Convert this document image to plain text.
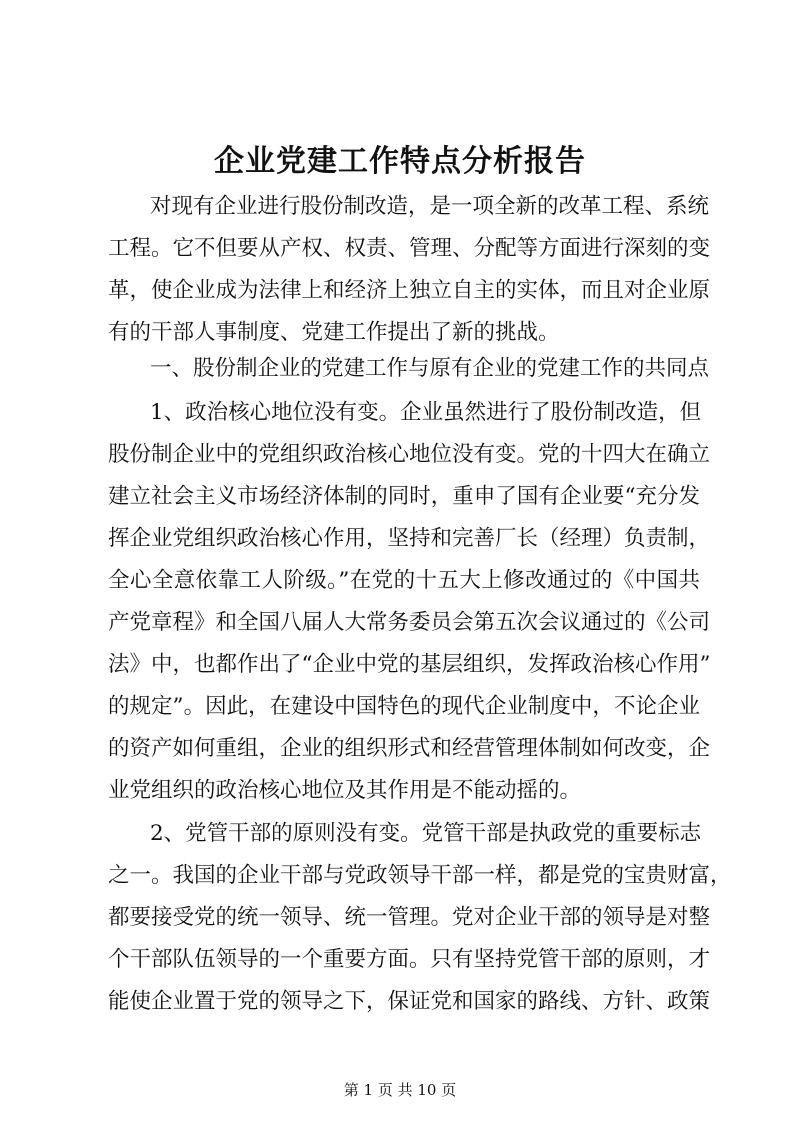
企业党建工作特点分析报告
对现有企业进行股份制改造，是一项全新的改革工程、系统
工程。它不但要从产权、权责、管理、分配等方面进行深刻的变
革，使企业成为法律上和经济上独立自主的实体，而且对企业原
有的干部人事制度、党建工作提出了新的挑战。
一、股份制企业的党建工作与原有企业的党建工作的共同点
1、政治核心地位没有变。企业虽然进行了股份制改造，但
股份制企业中的党组织政治核心地位没有变。党的十四大在确立
建立社会主义市场经济体制的同时，重申了国有企业要“充分发
挥企业党组织政治核心作用，坚持和完善厂长（经理）负责制，
全心全意依靠工人阶级。”在党的十五大上修改通过的《中国共
产党章程》和全国八届人大常务委员会第五次会议通过的《公司
法》中，也都作出了“企业中党的基层组织，发挥政治核心作用”
的规定”。因此，在建设中国特色的现代企业制度中，不论企业
的资产如何重组，企业的组织形式和经营管理体制如何改变，企
业党组织的政治核心地位及其作用是不能动摇的。
2、党管干部的原则没有变。党管干部是执政党的重要标志
之一。我国的企业干部与党政领导干部一样，都是党的宝贵财富，
都要接受党的统一领导、统一管理。党对企业干部的领导是对整
个干部队伍领导的一个重要方面。只有坚持党管干部的原则，才
能使企业置于党的领导之下，保证党和国家的路线、方针、政策
第 1 页 共 10 页
